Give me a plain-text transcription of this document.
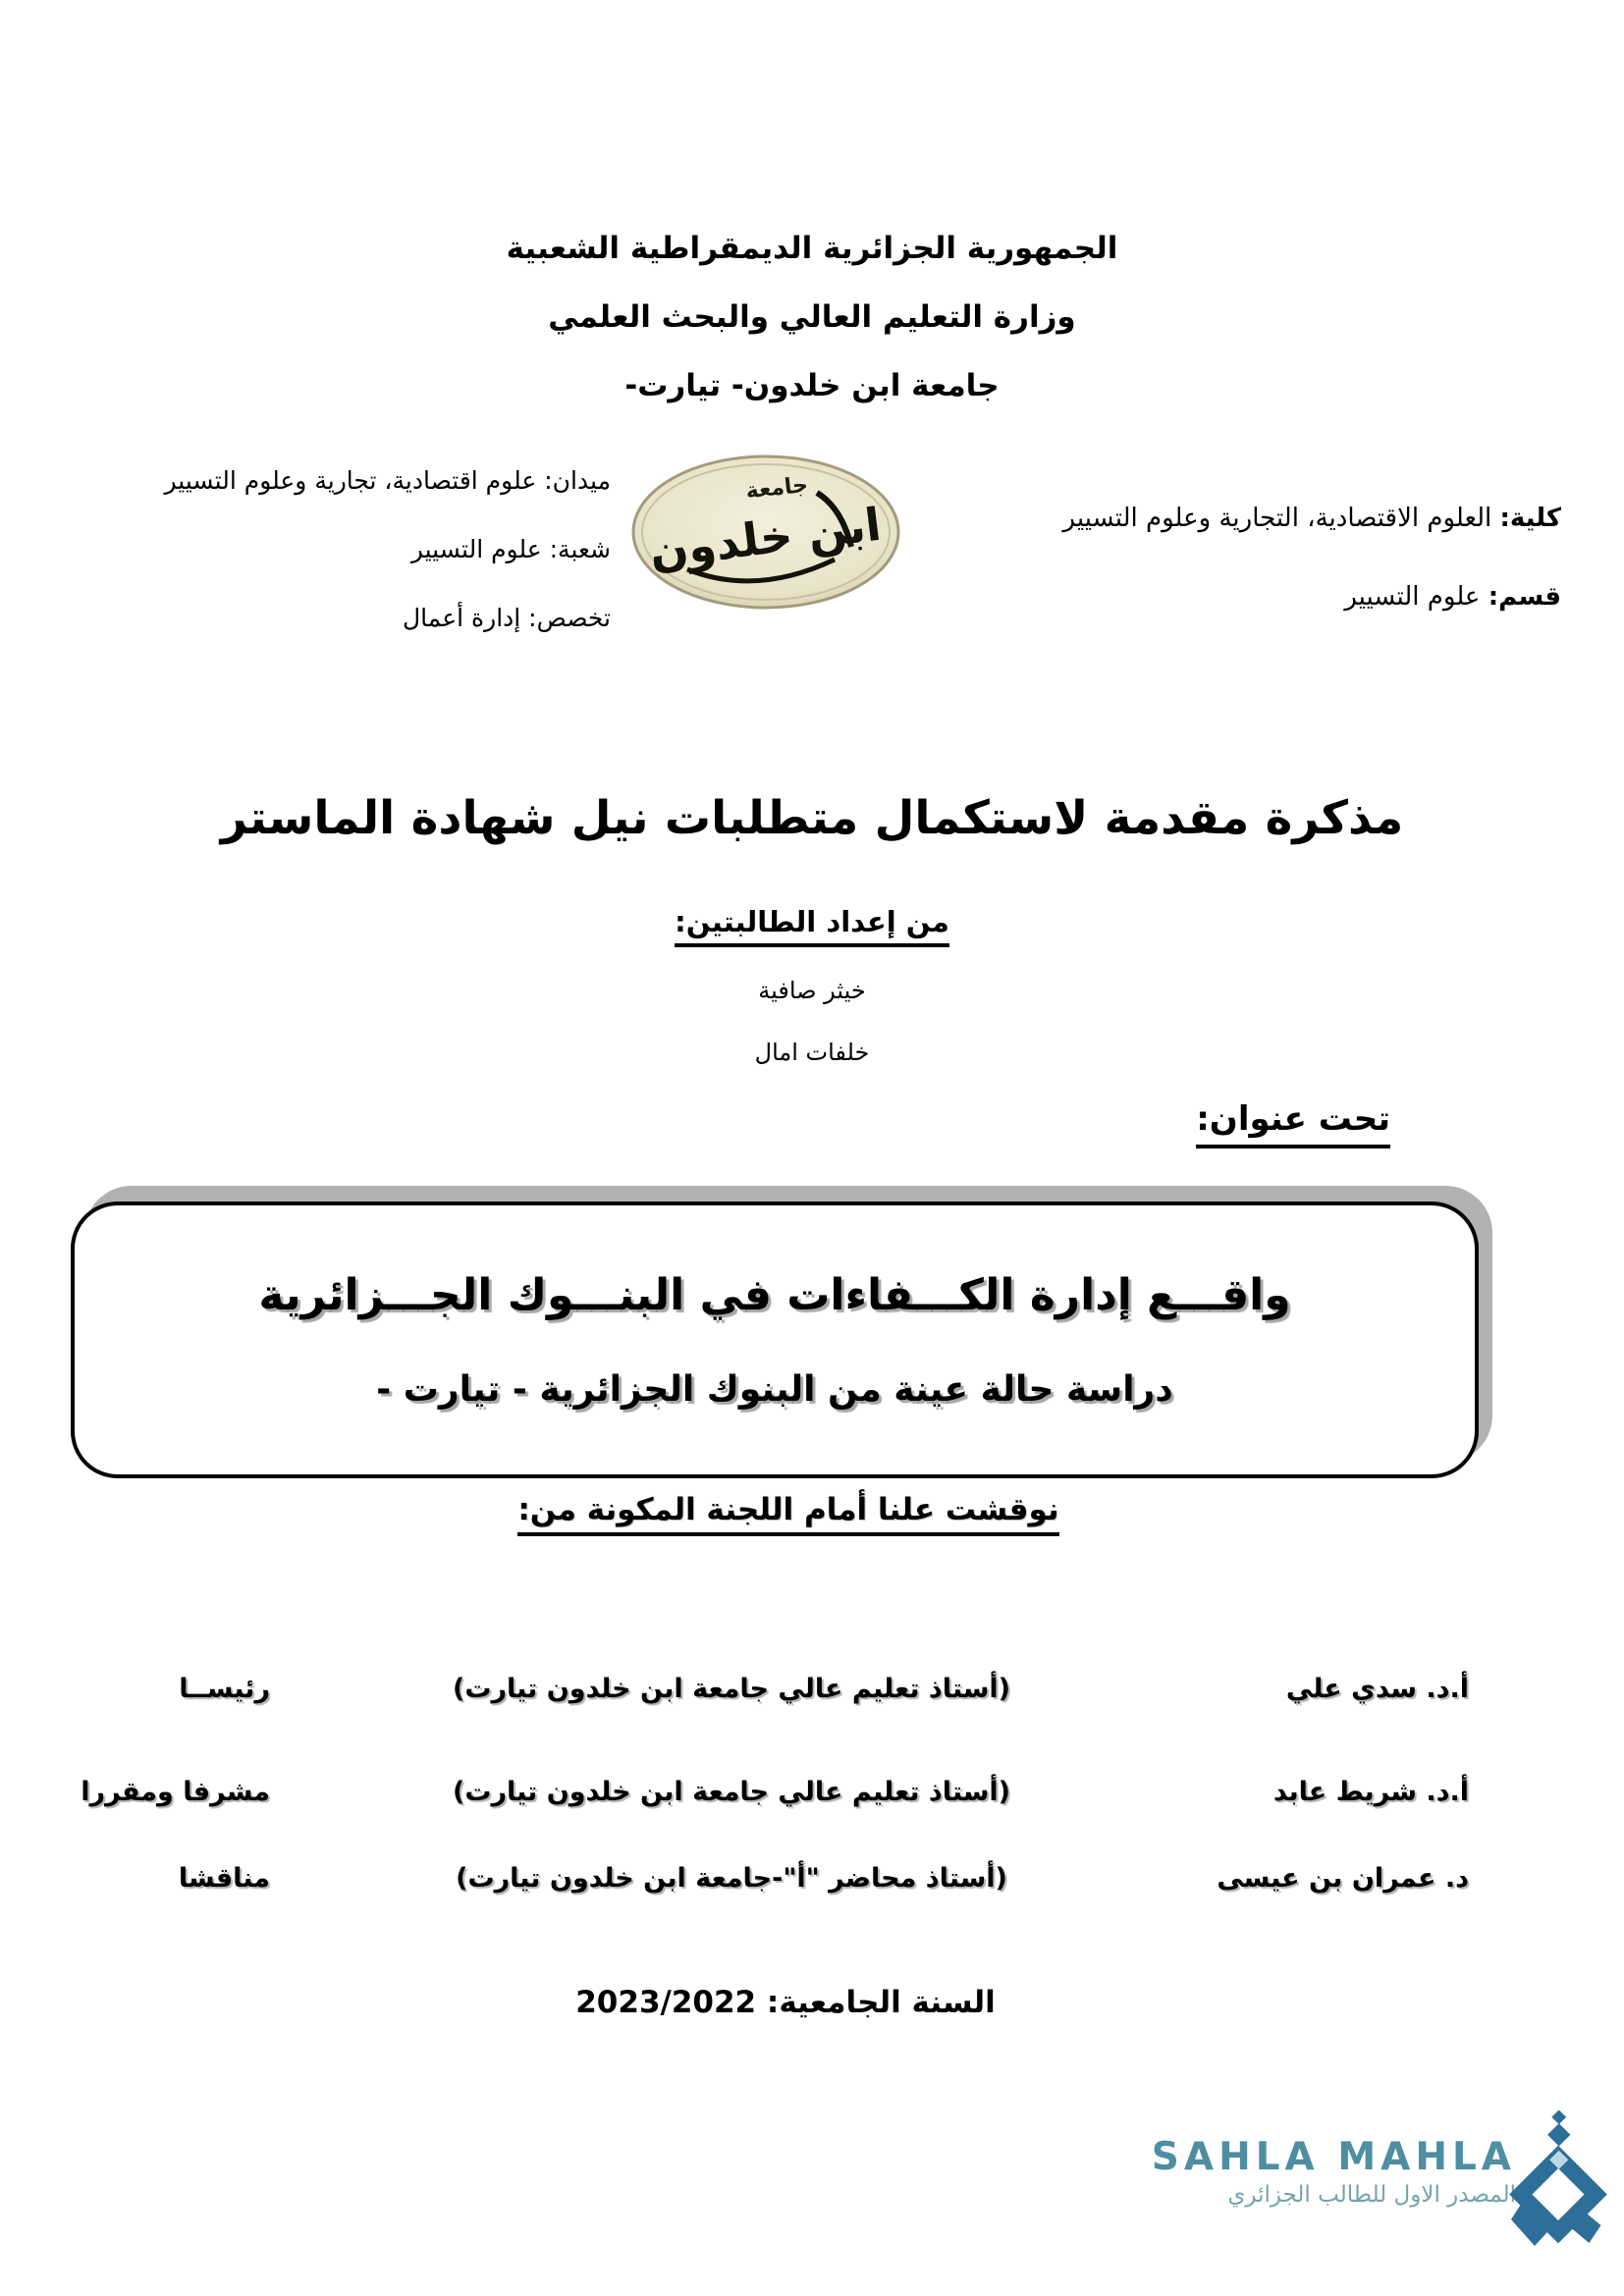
الجمهورية الجزائرية الديمقراطية الشعبية
وزارة التعليم العالي والبحث العلمي
جامعة ابن خلدون- تيارت-
ميدان: علوم اقتصادية، تجارية وعلوم التسيير
شعبة: علوم التسيير
تخصص: إدارة أعمال
كلية: العلوم الاقتصادية، التجارية وعلوم التسيير
قسم: علوم التسيير
جامعة
ابن خلدون
مذكرة مقدمة لاستكمال متطلبات نيل شهادة الماستر
من إعداد الطالبتين:
خيثر صافية
خلفات امال
تحت عنوان:
واقـــع إدارة الكـــفاءات في البنـــوك الجـــزائرية
دراسة حالة عينة من البنوك الجزائرية - تيارت -
نوقشت علنا أمام اللجنة المكونة من:
أ.د. سدي علي
(أستاذ تعليم عالي جامعة ابن خلدون تيارت)
رئيســا
أ.د. شريط عابد
(أستاذ تعليم عالي جامعة ابن خلدون تيارت)
مشرفا ومقررا
د. عمران بن عيسى
(أستاذ محاضر "أ"-جامعة ابن خلدون تيارت)
مناقشا
السنة الجامعية: 2023/2022
SAHLA MAHLA
المصدر الاول للطالب الجزائري
